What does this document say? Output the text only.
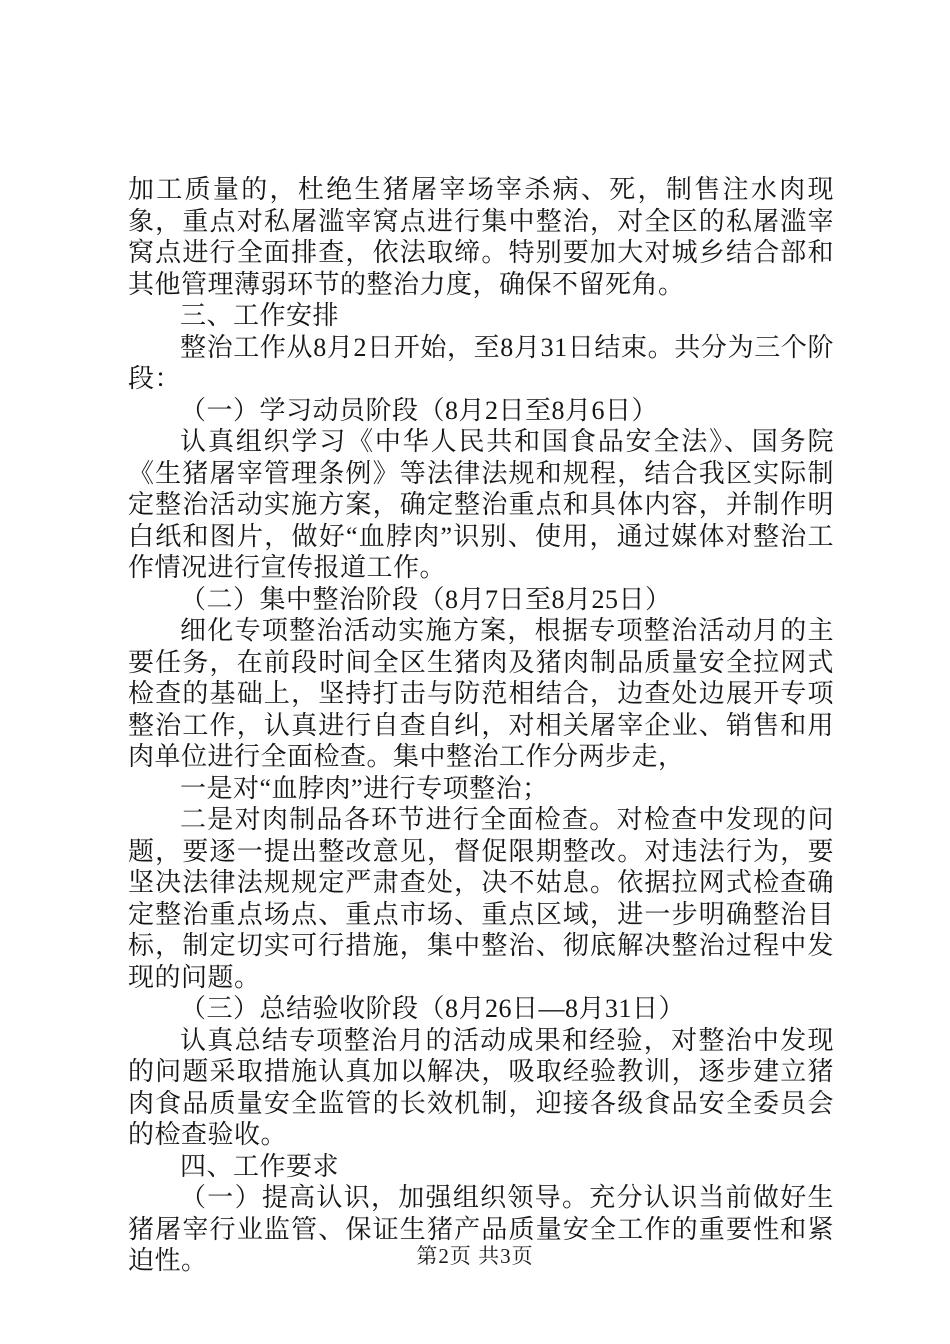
加工质量的，杜绝生猪屠宰场宰杀病、死，制售注水肉现象，重点对私屠滥宰窝点进行集中整治，对全区的私屠滥宰窝点进行全面排查，依法取缔。特别要加大对城乡结合部和其他管理薄弱环节的整治力度，确保不留死角。

三、工作安排

整治工作从8月2日开始，至8月31日结束。共分为三个阶段：

（一）学习动员阶段（8月2日至8月6日）

认真组织学习《中华人民共和国食品安全法》、国务院《生猪屠宰管理条例》等法律法规和规程，结合我区实际制定整治活动实施方案，确定整治重点和具体内容，并制作明白纸和图片，做好“血脖肉”识别、使用，通过媒体对整治工作情况进行宣传报道工作。

（二）集中整治阶段（8月7日至8月25日）

细化专项整治活动实施方案，根据专项整治活动月的主要任务，在前段时间全区生猪肉及猪肉制品质量安全拉网式检查的基础上，坚持打击与防范相结合，边查处边展开专项整治工作，认真进行自查自纠，对相关屠宰企业、销售和用肉单位进行全面检查。集中整治工作分两步走，

一是对“血脖肉”进行专项整治；

二是对肉制品各环节进行全面检查。对检查中发现的问题，要逐一提出整改意见，督促限期整改。对违法行为，要坚决法律法规规定严肃查处，决不姑息。依据拉网式检查确定整治重点场点、重点市场、重点区域，进一步明确整治目标，制定切实可行措施，集中整治、彻底解决整治过程中发现的问题。

（三）总结验收阶段（8月26日—8月31日）

认真总结专项整治月的活动成果和经验，对整治中发现的问题采取措施认真加以解决，吸取经验教训，逐步建立猪肉食品质量安全监管的长效机制，迎接各级食品安全委员会的检查验收。

四、工作要求

（一）提高认识，加强组织领导。充分认识当前做好生猪屠宰行业监管、保证生猪产品质量安全工作的重要性和紧迫性。	第2页 共3页
